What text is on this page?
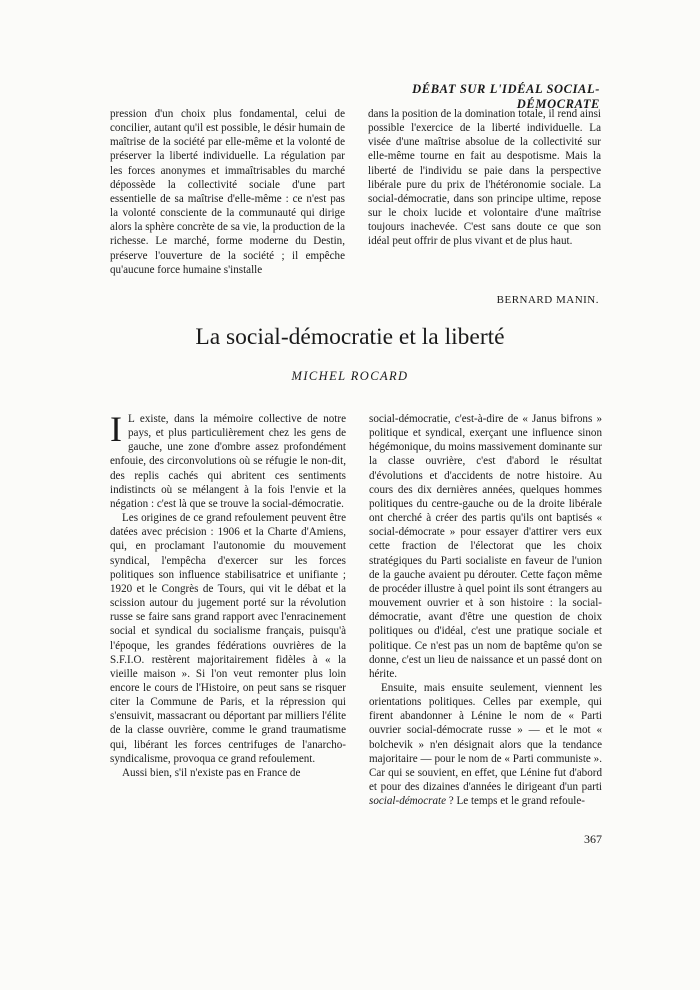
DÉBAT SUR L'IDÉAL SOCIAL-DÉMOCRATE

pression d'un choix plus fondamental, celui de concilier, autant qu'il est possible, le désir humain de maîtrise de la société par elle-même et la volonté de préserver la liberté individuelle. La régulation par les forces anonymes et immaîtrisables du marché dépossède la collectivité sociale d'une part essentielle de sa maîtrise d'elle-même : ce n'est pas la volonté consciente de la communauté qui dirige alors la sphère concrète de sa vie, la production de la richesse. Le marché, forme moderne du Destin, préserve l'ouverture de la société ; il empêche qu'aucune force humaine s'installe

dans la position de la domination totale, il rend ainsi possible l'exercice de la liberté individuelle. La visée d'une maîtrise absolue de la collectivité sur elle-même tourne en fait au despotisme. Mais la liberté de l'individu se paie dans la perspective libérale pure du prix de l'hétéronomie sociale. La social-démocratie, dans son principe ultime, repose sur le choix lucide et volontaire d'une maîtrise toujours inachevée. C'est sans doute ce que son idéal peut offrir de plus vivant et de plus haut.

BERNARD MANIN.
La social-démocratie et la liberté
MICHEL ROCARD

I L existe, dans la mémoire collective de notre pays, et plus particulièrement chez les gens de gauche, une zone d'ombre assez profondément enfouie, des circonvolutions où se réfugie le non-dit, des replis cachés qui abritent ces sentiments indistincts où se mélangent à la fois l'envie et la négation : c'est là que se trouve la social-démocratie.

Les origines de ce grand refoulement peuvent être datées avec précision : 1906 et la Charte d'Amiens, qui, en proclamant l'autonomie du mouvement syndical, l'empêcha d'exercer sur les forces politiques son influence stabilisatrice et unifiante ; 1920 et le Congrès de Tours, qui vit le débat et la scission autour du jugement porté sur la révolution russe se faire sans grand rapport avec l'enracinement social et syndical du socialisme français, puisqu'à l'époque, les grandes fédérations ouvrières de la S.F.I.O. restèrent majoritairement fidèles à « la vieille maison ». Si l'on veut remonter plus loin encore le cours de l'Histoire, on peut sans se risquer citer la Commune de Paris, et la répression qui s'ensuivit, massacrant ou déportant par milliers l'élite de la classe ouvrière, comme le grand traumatisme qui, libérant les forces centrifuges de l'anarcho-syndicalisme, provoqua ce grand refoulement.

Aussi bien, s'il n'existe pas en France de

social-démocratie, c'est-à-dire de « Janus bifrons » politique et syndical, exerçant une influence sinon hégémonique, du moins massivement dominante sur la classe ouvrière, c'est d'abord le résultat d'évolutions et d'accidents de notre histoire. Au cours des dix dernières années, quelques hommes politiques du centre-gauche ou de la droite libérale ont cherché à créer des partis qu'ils ont baptisés « social-démocrate » pour essayer d'attirer vers eux cette fraction de l'électorat que les choix stratégiques du Parti socialiste en faveur de l'union de la gauche avaient pu dérouter. Cette façon même de procéder illustre à quel point ils sont étrangers au mouvement ouvrier et à son histoire : la social-démocratie, avant d'être une question de choix politiques ou d'idéal, c'est une pratique sociale et politique. Ce n'est pas un nom de baptême qu'on se donne, c'est un lieu de naissance et un passé dont on hérite.

Ensuite, mais ensuite seulement, viennent les orientations politiques. Celles par exemple, qui firent abandonner à Lénine le nom de « Parti ouvrier social-démocrate russe » — et le mot « bolchevik » n'en désignait alors que la tendance majoritaire — pour le nom de « Parti communiste ». Car qui se souvient, en effet, que Lénine fut d'abord et pour des dizaines d'années le dirigeant d'un parti social-démocrate ? Le temps et le grand refoule-

367
